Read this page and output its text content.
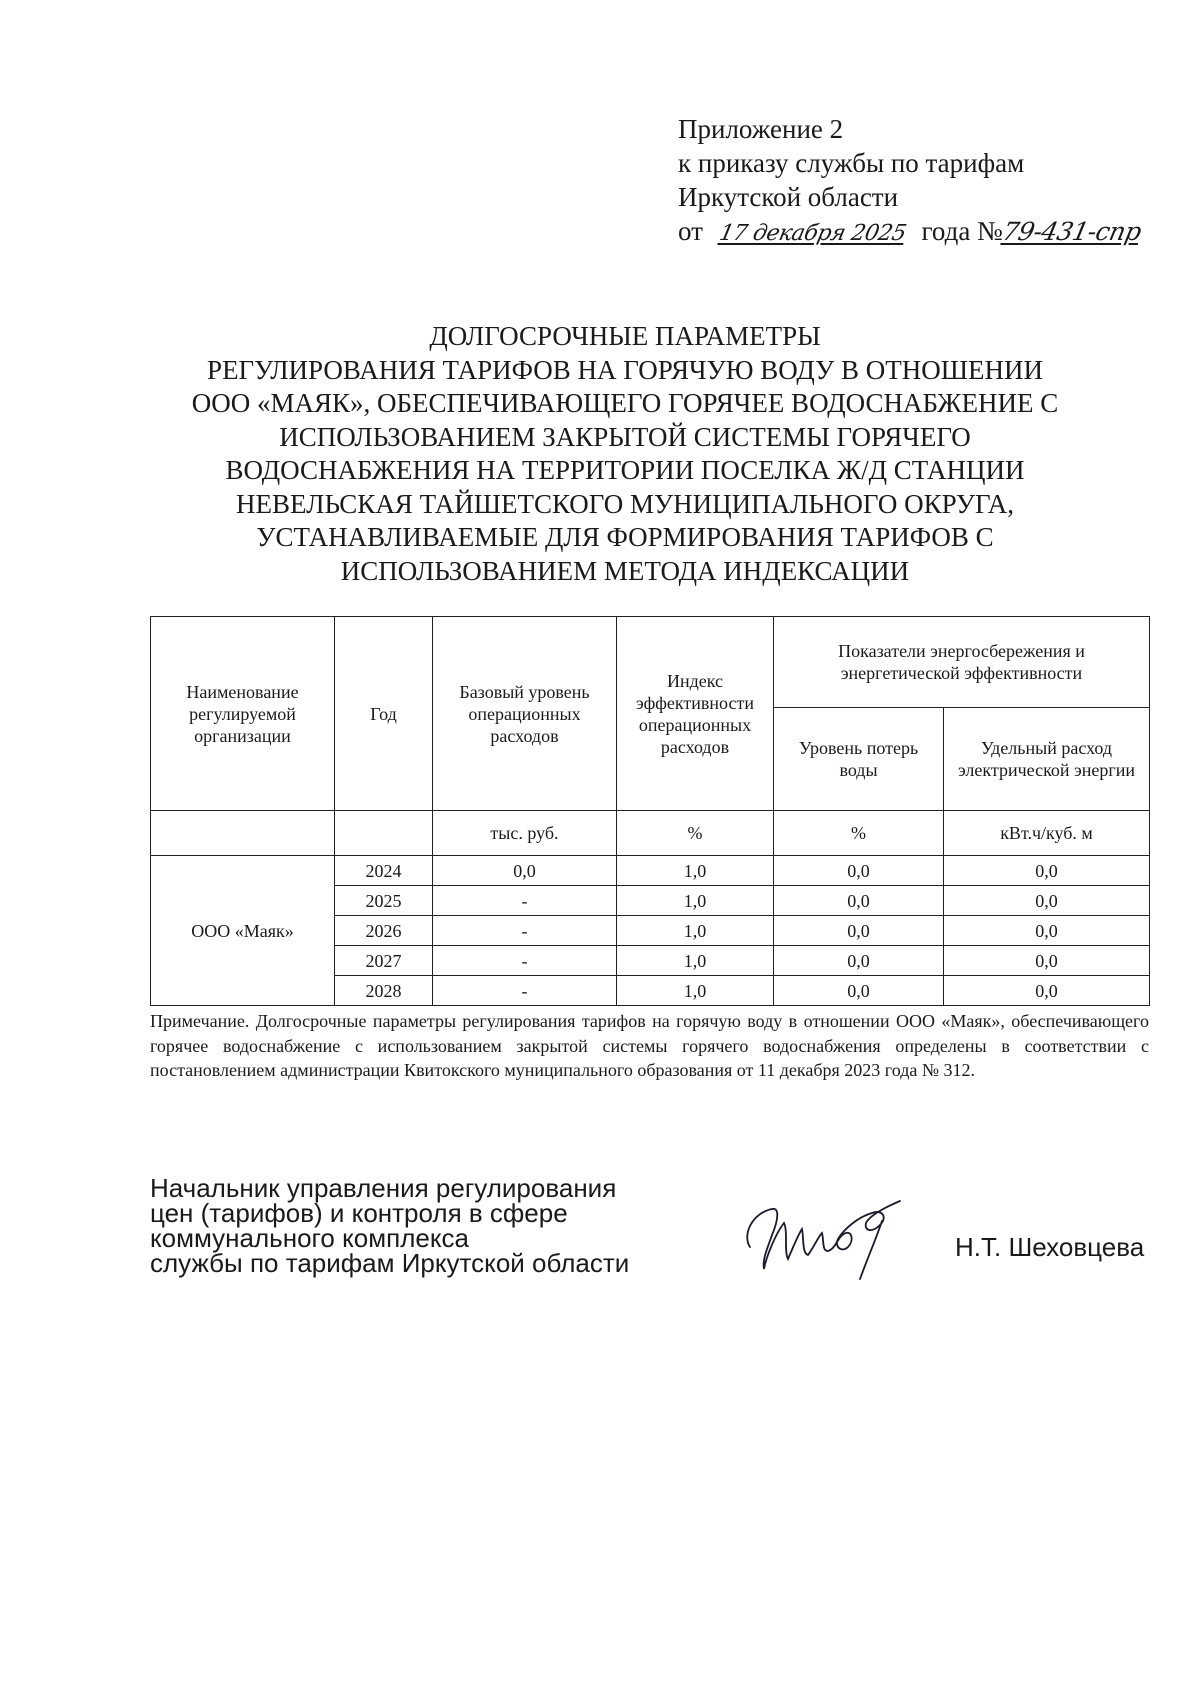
Приложение 2
к приказу службы по тарифам
Иркутской области
от 17 декабря 2025 года №79-431-спр
ДОЛГОСРОЧНЫЕ ПАРАМЕТРЫ
РЕГУЛИРОВАНИЯ ТАРИФОВ НА ГОРЯЧУЮ ВОДУ В ОТНОШЕНИИ
ООО «МАЯК», ОБЕСПЕЧИВАЮЩЕГО ГОРЯЧЕЕ ВОДОСНАБЖЕНИЕ С
ИСПОЛЬЗОВАНИЕМ ЗАКРЫТОЙ СИСТЕМЫ ГОРЯЧЕГО
ВОДОСНАБЖЕНИЯ НА ТЕРРИТОРИИ ПОСЕЛКА Ж/Д СТАНЦИИ
НЕВЕЛЬСКАЯ ТАЙШЕТСКОГО МУНИЦИПАЛЬНОГО ОКРУГА,
УСТАНАВЛИВАЕМЫЕ ДЛЯ ФОРМИРОВАНИЯ ТАРИФОВ С
ИСПОЛЬЗОВАНИЕМ МЕТОДА ИНДЕКСАЦИИ
Наименование регулируемой организации	Год	Базовый уровень операционных расходов	Индекс эффективности операционных расходов	Показатели энергосбережения и энергетической эффективности	
				Уровень потерь воды	Удельный расход электрической энергии
		тыс. руб.	%	%	кВт.ч/куб. м
ООО «Маяк»	2024	0,0	1,0	0,0	0,0
	2025	-	1,0	0,0	0,0
	2026	-	1,0	0,0	0,0
	2027	-	1,0	0,0	0,0
	2028	-	1,0	0,0	0,0
Примечание. Долгосрочные параметры регулирования тарифов на горячую воду в отношении ООО «Маяк», обеспечивающего горячее водоснабжение с использованием закрытой системы горячего водоснабжения определены в соответствии с постановлением администрации Квитокского муниципального образования от 11 декабря 2023 года № 312.
Начальник управления регулирования
цен (тарифов) и контроля в сфере
коммунального комплекса
службы по тарифам Иркутской области
Н.Т. Шеховцева
